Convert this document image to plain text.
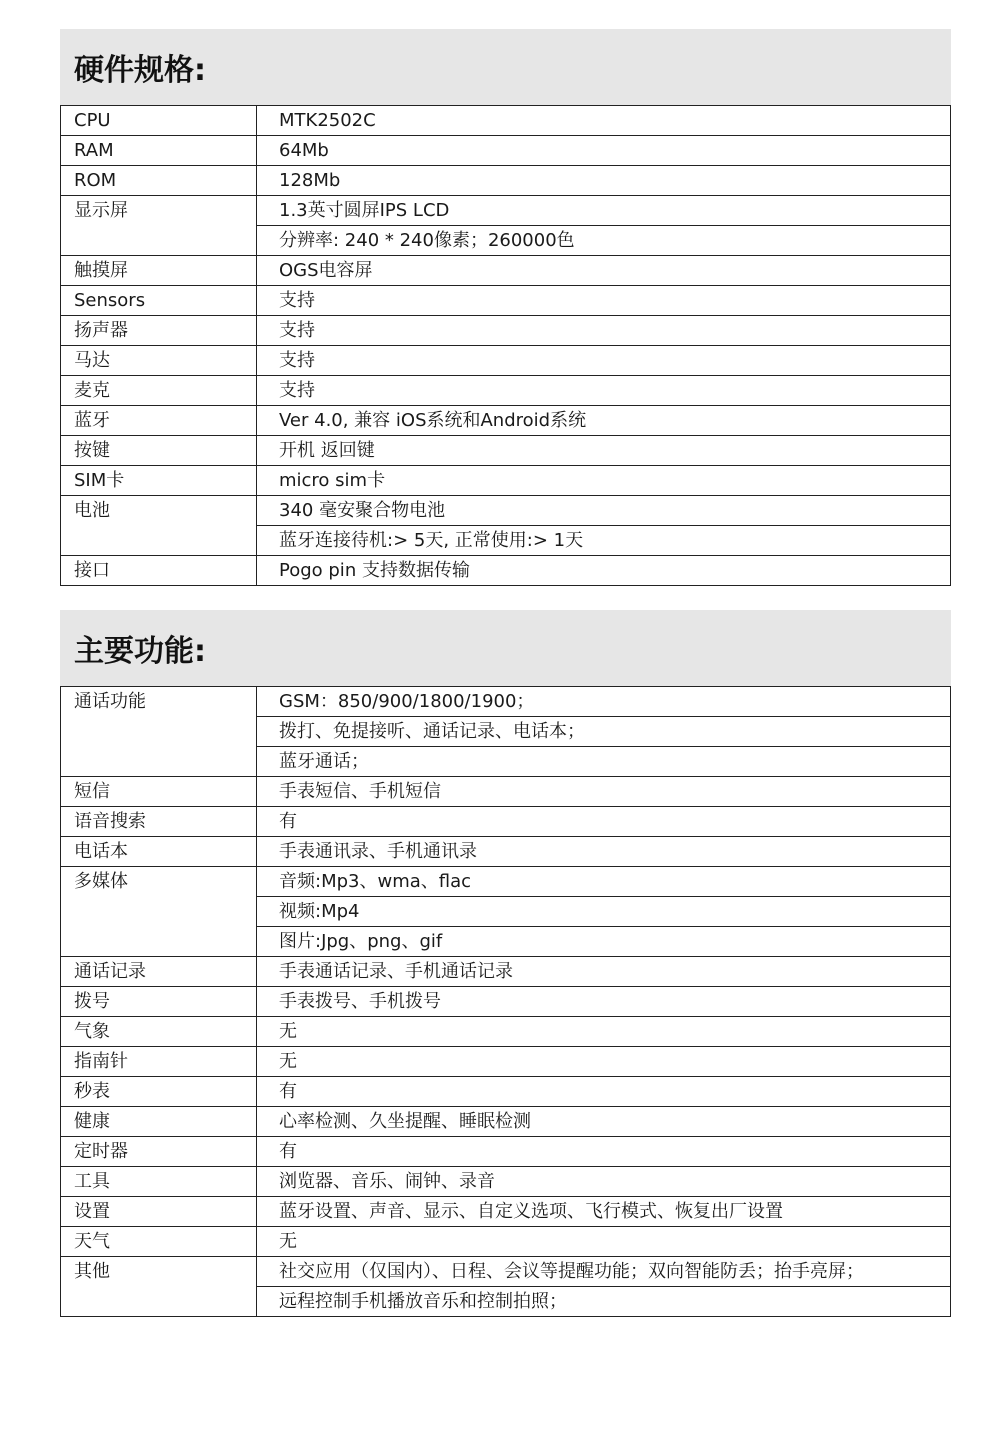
硬件规格:
CPU	MTK2502C
RAM	64Mb
ROM	128Mb
显示屏	1.3英寸圆屏IPS LCD
	分辨率: 240 * 240像素；260000色
触摸屏	OGS电容屏
Sensors	支持
扬声器	支持
马达	支持
麦克	支持
蓝牙	Ver 4.0, 兼容 iOS系统和Android系统
按键	开机 返回键
SIM卡	micro sim卡
电池	340 毫安聚合物电池
	蓝牙连接待机:> 5天, 正常使用:> 1天
接口	Pogo pin 支持数据传输
主要功能:
通话功能	GSM：850/900/1800/1900；
	拨打、免提接听、通话记录、电话本；
	蓝牙通话；
短信	手表短信、手机短信
语音搜索	有
电话本	手表通讯录、手机通讯录
多媒体	音频:Mp3、wma、flac
	视频:Mp4
	图片:Jpg、png、gif
通话记录	手表通话记录、手机通话记录
拨号	手表拨号、手机拨号
气象	无
指南针	无
秒表	有
健康	心率检测、久坐提醒、睡眠检测
定时器	有
工具	浏览器、音乐、闹钟、录音
设置	蓝牙设置、声音、显示、自定义选项、飞行模式、恢复出厂设置
天气	无
其他	社交应用（仅国内）、日程、会议等提醒功能；双向智能防丢；抬手亮屏；
	远程控制手机播放音乐和控制拍照；
